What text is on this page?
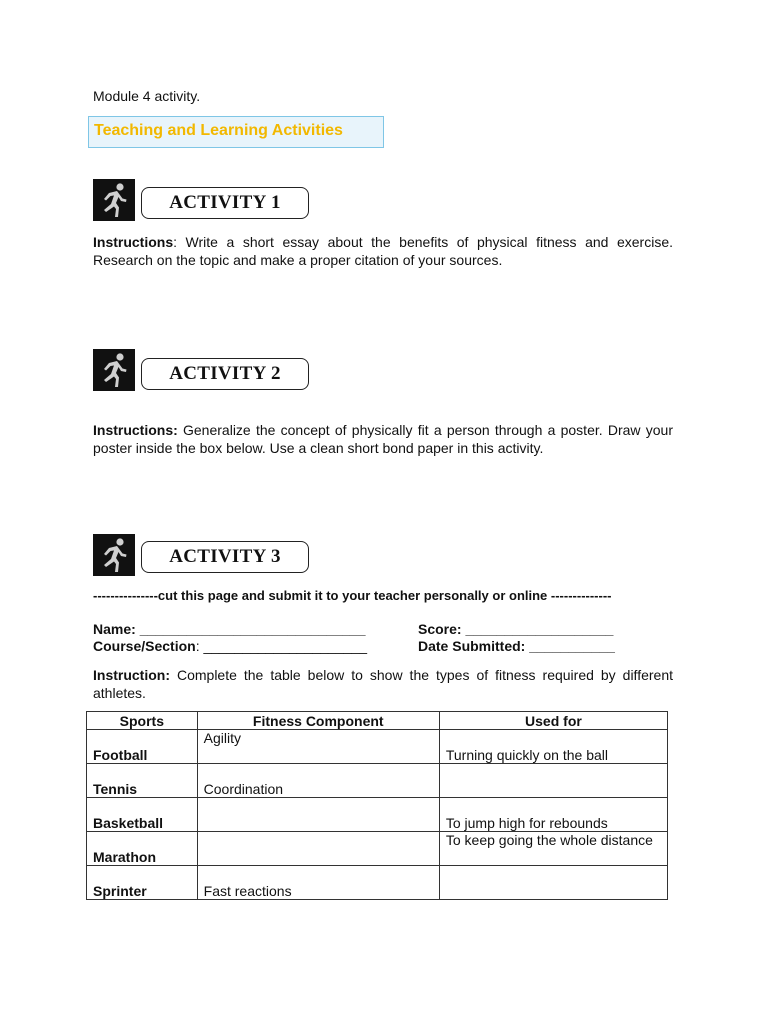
Module 4 activity.
Teaching and Learning Activities
ACTIVITY 1
Instructions: Write a short essay about the benefits of physical fitness and exercise. Research on the topic and make a proper citation of your sources.
ACTIVITY 2
Instructions: Generalize the concept of physically fit a person through a poster. Draw your poster inside the box below. Use a clean short bond paper in this activity.
ACTIVITY 3
---------------cut this page and submit it to your teacher personally or online --------------
Name: _____________________________	Score: ___________________
Course/Section: _____________________	Date Submitted: ___________
Instruction: Complete the table below to show the types of fitness required by different athletes.
Sports	Fitness Component	Used for
Football	Agility	Turning quickly on the ball
Tennis	Coordination	
Basketball		To jump high for rebounds
Marathon		To keep going the whole distance
Sprinter	Fast reactions	
